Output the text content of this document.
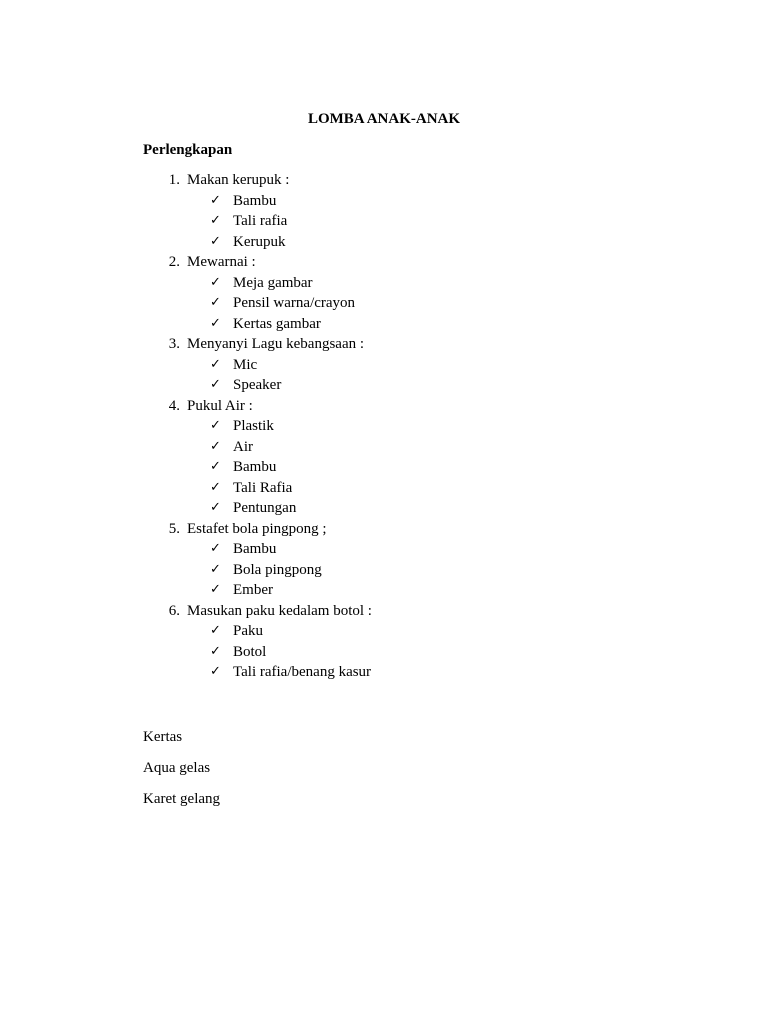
LOMBA ANAK-ANAK
Perlengkapan
1. Makan kerupuk :
✓ Bambu
✓ Tali rafia
✓ Kerupuk
2. Mewarnai :
✓ Meja gambar
✓ Pensil warna/crayon
✓ Kertas gambar
3. Menyanyi Lagu kebangsaan :
✓ Mic
✓ Speaker
4. Pukul Air :
✓ Plastik
✓ Air
✓ Bambu
✓ Tali Rafia
✓ Pentungan
5. Estafet bola pingpong ;
✓ Bambu
✓ Bola pingpong
✓ Ember
6. Masukan paku kedalam botol :
✓ Paku
✓ Botol
✓ Tali rafia/benang kasur
Kertas
Aqua gelas
Karet gelang
